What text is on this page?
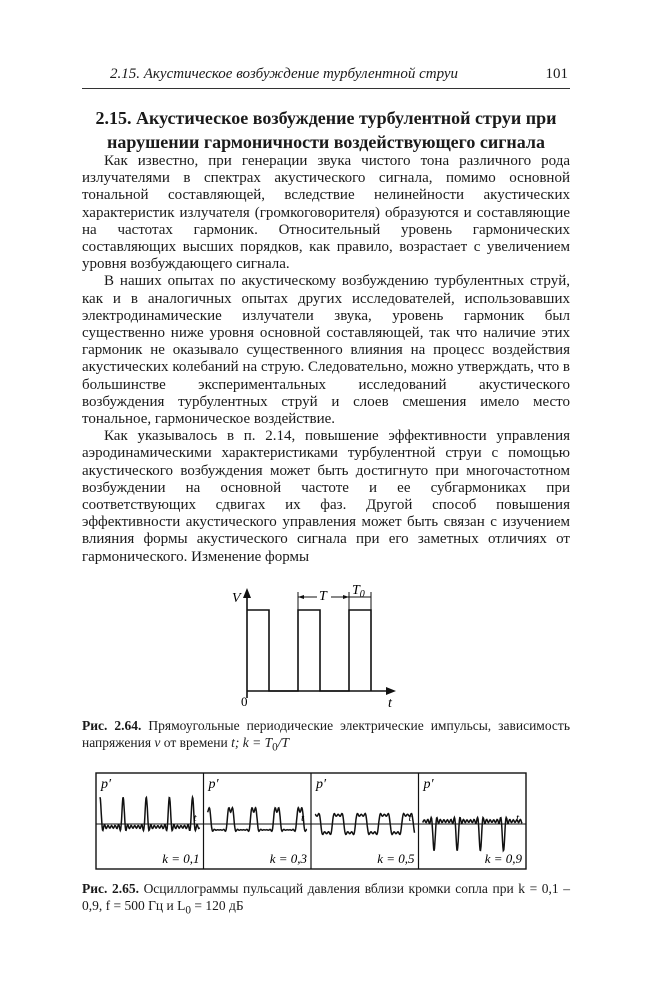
2.15. Акустическое возбуждение турбулентной струи	101
2.15. Акустическое возбуждение турбулентной струи при
нарушении гармоничности воздействующего сигнала

Как известно, при генерации звука чистого тона различного рода излучателями в спектрах акустического сигнала, помимо основной тональной составляющей, вследствие нелинейности акустических характеристик излучателя (громкоговорителя) образуются и составляющие на частотах гармоник. Относительный уровень гармонических составляющих высших порядков, как правило, возрастает с увеличением уровня возбуждающего сигнала.

В наших опытах по акустическому возбуждению турбулентных струй, как и в аналогичных опытах других исследователей, использовавших электродинамические излучатели звука, уровень гармоник был существенно ниже уровня основной составляющей, так что наличие этих гармоник не оказывало существенного влияния на процесс воздействия акустических колебаний на струю. Следовательно, можно утверждать, что в большинстве экспериментальных исследований акустического возбуждения турбулентных струй и слоев смешения имело место тональное, гармоническое воздействие.

Как указывалось в п. 2.14, повышение эффективности управления аэродинамическими характеристиками турбулентной струи с помощью акустического возбуждения может быть достигнуто при многочастотном возбуждении на основной частоте и ее субгармониках при соответствующих сдвигах их фаз. Другой способ повышения эффективности акустического управления может быть связан с изучением влияния формы акустического сигнала при его заметных отличиях от гармонического. Изменение формы

T $T_0$
V
t
0
Рис. 2.64. Прямоугольные периодические электрические импульсы, зависимость напряжения v от времени t; $k = T_0/T$
p′
t
k = 0,1
p′
t
k = 0,3
p′
t
k = 0,5
p′
t
k = 0,9
Рис. 2.65. Осциллограммы пульсаций давления вблизи кромки сопла при k = 0,1 – 0,9, f = 500 Гц и $L_0 = 120$ дБ
